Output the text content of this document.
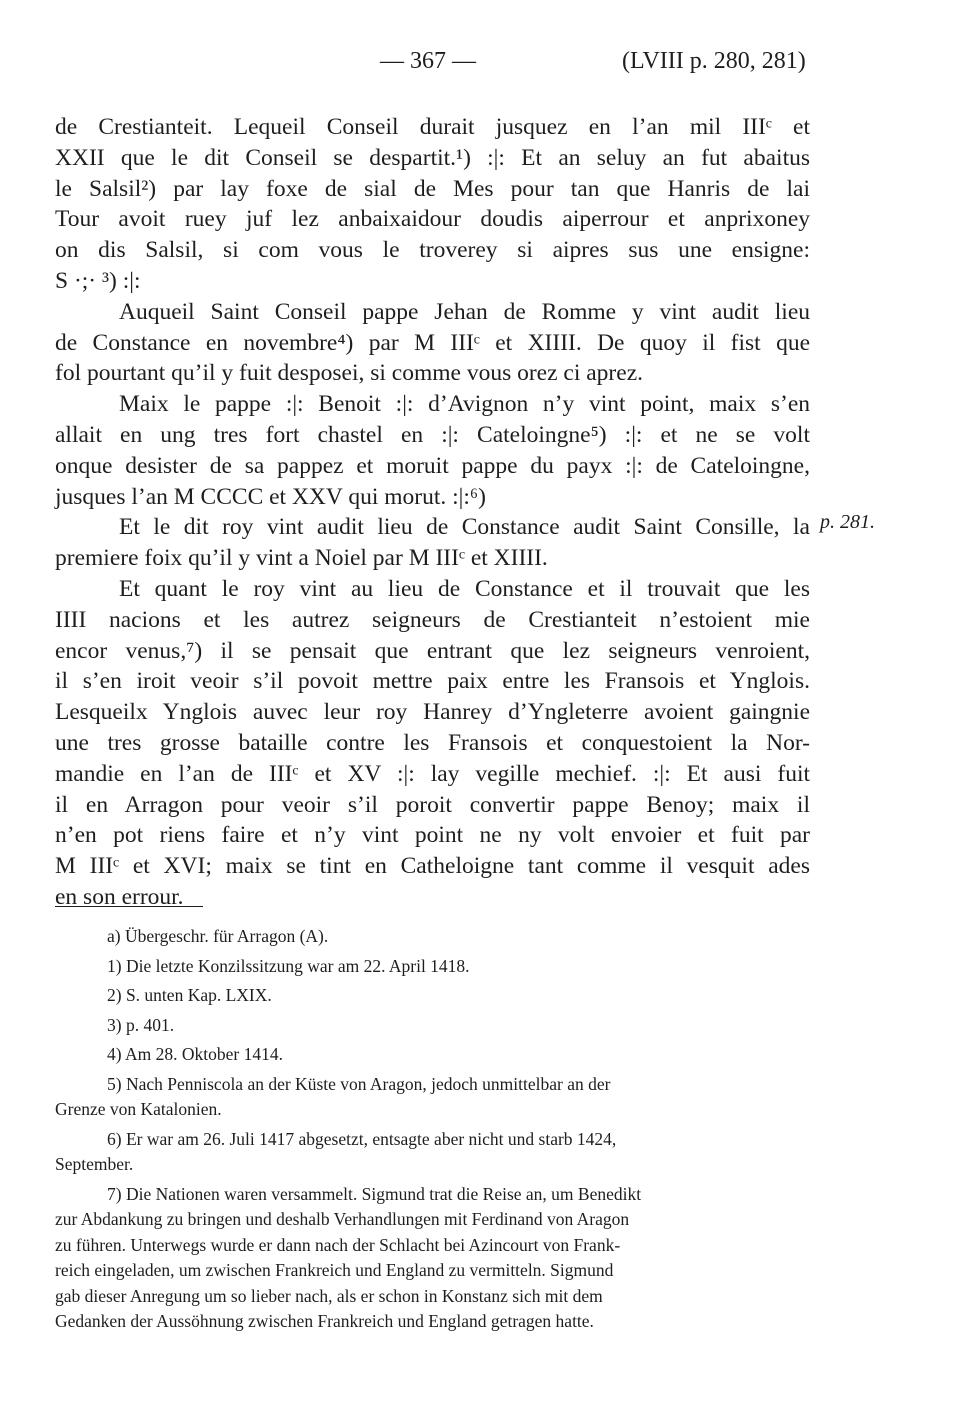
— 367 —	(LVIII p. 280, 281)
de Crestianteit. Lequeil Conseil durait jusquez en l’an mil IIIᶜ et
XXII que le dit Conseil se despartit.¹) :|: Et an seluy an fut abaitus
le Salsil²) par lay foxe de sial de Mes pour tan que Hanris de lai
Tour avoit ruey juf lez anbaixaidour doudis aiperrour et anprixoney
on dis Salsil, si com vous le troverey si aipres sus une ensigne:
S ·;· ³) :|:
Auqueil Saint Conseil pappe Jehan de Romme y vint audit lieu
de Constance en novembre⁴) par M IIIᶜ et XIIII. De quoy il fist que
fol pourtant qu’il y fuit desposei, si comme vous orez ci aprez.
Maix le pappe :|: Benoit :|: d’Avignon n’y vint point, maix s’en
allait en ung tres fort chastel en :|: Cateloingne⁵) :|: et ne se volt
onque desister de sa pappez et moruit pappe du payx :|: de Cateloingne,
jusques l’an M CCCC et XXV qui morut. :|:⁶)
Et le dit roy vint audit lieu de Constance audit Saint Consille, la
premiere foix qu’il y vint a Noiel par M IIIᶜ et XIIII.
Et quant le roy vint au lieu de Constance et il trouvait que les
IIII nacions et les autrez seigneurs de Crestianteit n’estoient mie
encor venus,⁷) il se pensait que entrant que lez seigneurs venroient,
il s’en iroit veoir s’il povoit mettre paix entre les Fransois et Ynglois.
Lesqueilx Ynglois auvec leur roy Hanrey d’Yngleterre avoient gaingnie
une tres grosse bataille contre les Fransois et conquestoient la Nor-
mandie en l’an de IIIᶜ et XV :|: lay vegille mechief. :|: Et ausi fuit
il en Arragon pour veoir s’il poroit convertir pappe Benoy; maix il
n’en pot riens faire et n’y vint point ne ny volt envoier et fuit par
M IIIᶜ et XVI; maix se tint en Catheloigne tant comme il vesquit ades
en son errour.
p. 281.
a) Übergeschr. für Arragon (A).
1) Die letzte Konzilssitzung war am 22. April 1418.
2) S. unten Kap. LXIX.
3) p. 401.
4) Am 28. Oktober 1414.
5) Nach Penniscola an der Küste von Aragon, jedoch unmittelbar an der
Grenze von Katalonien.
6) Er war am 26. Juli 1417 abgesetzt, entsagte aber nicht und starb 1424,
September.
7) Die Nationen waren versammelt. Sigmund trat die Reise an, um Benedikt
zur Abdankung zu bringen und deshalb Verhandlungen mit Ferdinand von Aragon
zu führen. Unterwegs wurde er dann nach der Schlacht bei Azincourt von Frank-
reich eingeladen, um zwischen Frankreich und England zu vermitteln. Sigmund
gab dieser Anregung um so lieber nach, als er schon in Konstanz sich mit dem
Gedanken der Aussöhnung zwischen Frankreich und England getragen hatte.
